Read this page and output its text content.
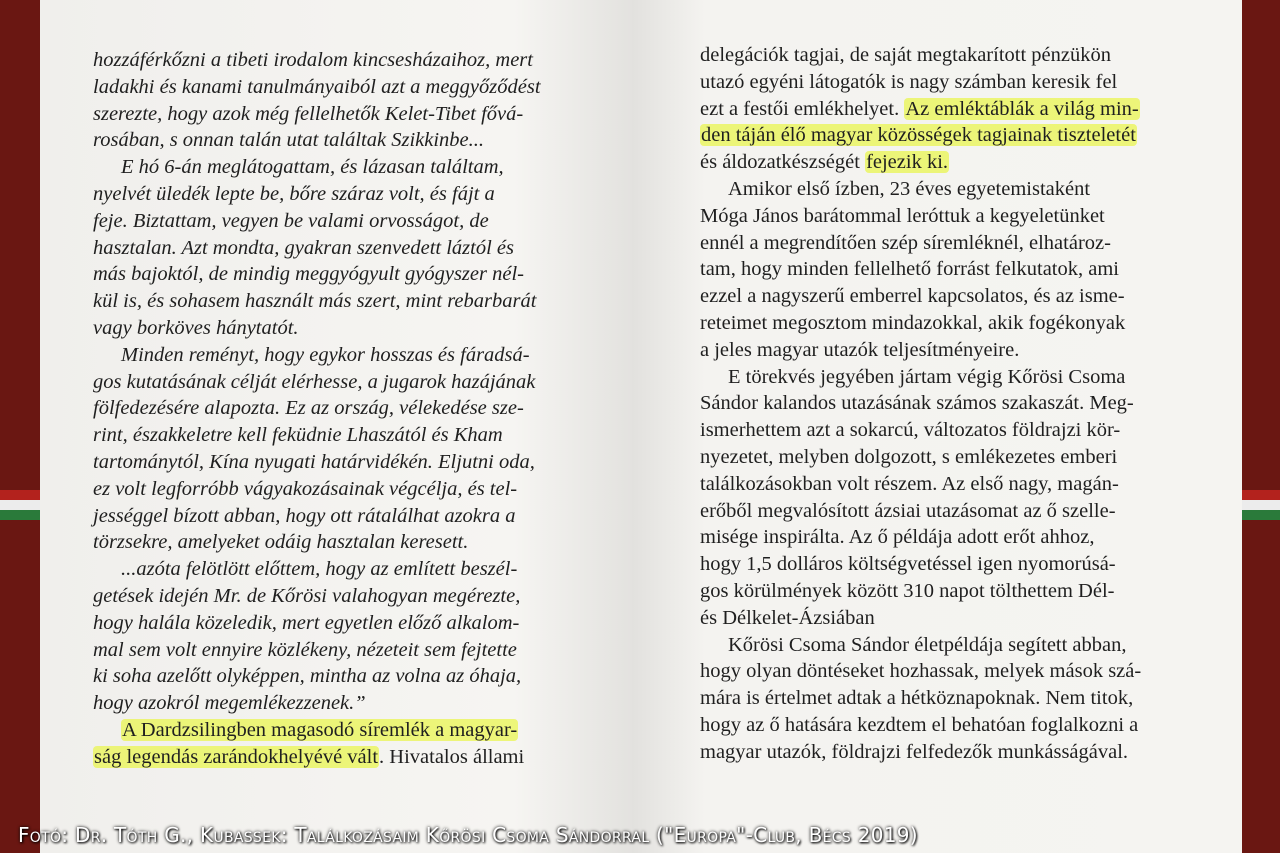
hozzáférkőzni a tibeti irodalom kincsesházaihoz, mert
ladakhi és kanami tanulmányaiból azt a meggyőződést
szerezte, hogy azok még fellelhetők Kelet-Tibet fővá-
rosában, s onnan talán utat találtak Szikkinbe...
E hó 6-án meglátogattam, és lázasan találtam,
nyelvét üledék lepte be, bőre száraz volt, és fájt a
feje. Biztattam, vegyen be valami orvosságot, de
hasztalan. Azt mondta, gyakran szenvedett láztól és
más bajoktól, de mindig meggyógyult gyógyszer nél-
kül is, és sohasem használt más szert, mint rebarbarát
vagy borköves hánytatót.
Minden reményt, hogy egykor hosszas és fáradsá-
gos kutatásának célját elérhesse, a jugarok hazájának
fölfedezésére alapozta. Ez az ország, vélekedése sze-
rint, északkeletre kell feküdnie Lhaszától és Kham
tartománytól, Kína nyugati határvidékén. Eljutni oda,
ez volt legforróbb vágyakozásainak végcélja, és tel-
jességgel bízott abban, hogy ott rátalálhat azokra a
törzsekre, amelyeket odáig hasztalan keresett.
...azóta felötlött előttem, hogy az említett beszél-
getések idején Mr. de Kőrösi valahogyan megérezte,
hogy halála közeledik, mert egyetlen előző alkalom-
mal sem volt ennyire közlékeny, nézeteit sem fejtette
ki soha azelőtt olyképpen, mintha az volna az óhaja,
hogy azokról megemlékezzenek.”
A Dardzsilingben magasodó síremlék a magyar-
ság legendás zarándokhelyévé vált. Hivatalos állami
delegációk tagjai, de saját megtakarított pénzükön
utazó egyéni látogatók is nagy számban keresik fel
ezt a festői emlékhelyet. Az emléktáblák a világ min-
den táján élő magyar közösségek tagjainak tiszteletét
és áldozatkészségét fejezik ki.
Amikor első ízben, 23 éves egyetemistaként
Móga János barátommal leróttuk a kegyeletünket
ennél a megrendítően szép síremléknél, elhatároz-
tam, hogy minden fellelhető forrást felkutatok, ami
ezzel a nagyszerű emberrel kapcsolatos, és az isme-
reteimet megosztom mindazokkal, akik fogékonyak
a jeles magyar utazók teljesítményeire.
E törekvés jegyében jártam végig Kőrösi Csoma
Sándor kalandos utazásának számos szakaszát. Meg-
ismerhettem azt a sokarcú, változatos földrajzi kör-
nyezetet, melyben dolgozott, s emlékezetes emberi
találkozásokban volt részem. Az első nagy, magán-
erőből megvalósított ázsiai utazásomat az ő szelle-
misége inspirálta. Az ő példája adott erőt ahhoz,
hogy 1,5 dolláros költségvetéssel igen nyomorúsá-
gos körülmények között 310 napot tölthettem Dél-
és Délkelet-Ázsiában
Kőrösi Csoma Sándor életpéldája segített abban,
hogy olyan döntéseket hozhassak, melyek mások szá-
mára is értelmet adtak a hétköznapoknak. Nem titok,
hogy az ő hatására kezdtem el behatóan foglalkozni a
magyar utazók, földrajzi felfedezők munkásságával.
Fotó: Dr. Tóth G., Kubassek: Találkozásaim Kőrösi Csoma Sándorral ("Europa"-Club, Bécs 2019)
